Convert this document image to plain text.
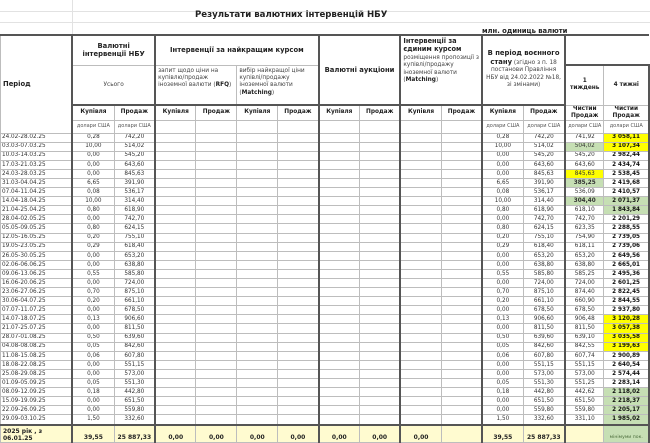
Результати валютних інтервенцій НБУ
млн. одиниць валюти
Період	Валютні інтервенції НБУ		Інтервенції за найкращим курсом				Валютні аукціони		Інтервенції за єдиним курсом
розміщення пропозиції з купівлі/продажу іноземної валюти
(Matching)		В період воєнного стану (згідно з п. 18 постанови Правління НБУ від 24.02.2022 №18, зі змінами)			
	Усього		запит щодо ціни на купівлю/продаж іноземної валюти (RFQ)		вибір найкращої ціни купівлі/продажу іноземної валюти (Matching)								1 тиждень	4 тижні
	Купівля	Продаж	Купівля	Продаж	Купівля	Продаж	Купівля	Продаж	Купівля	Продаж	Купівля	Продаж	Чистий Продаж	Чистий Продаж
	долари США	долари США									долари США	долари США	долари США	долари США
24.02-28.02.25	0,28	742,20									0,28	742,20	741,92	3 058,11
03.03-07.03.25	10,00	514,02									10,00	514,02	504,02	3 107,34
10.03-14.03.25	0,00	545,20									0,00	545,20	545,20	2 982,44
17.03-21.03.25	0,00	643,60									0,00	643,60	643,60	2 434,74
24.03-28.03.25	0,00	845,63									0,00	845,63	845,63	2 538,45
31.03-04.04.25	6,65	391,90									6,65	391,90	385,25	2 419,68
07.04-11.04.25	0,08	536,17									0,08	536,17	536,09	2 410,57
14.04-18.04.25	10,00	314,40									10,00	314,40	304,40	2 071,37
21.04-25.04.25	0,80	618,90									0,80	618,90	618,10	1 843,84
28.04-02.05.25	0,00	742,70									0,00	742,70	742,70	2 201,29
05.05-09.05.25	0,80	624,15									0,80	624,15	623,35	2 288,55
12.05-16.05.25	0,20	755,10									0,20	755,10	754,90	2 739,05
19.05-23.05.25	0,29	618,40									0,29	618,40	618,11	2 739,06
26.05-30.05.25	0,00	653,20									0,00	653,20	653,20	2 649,56
02.06-06.06.25	0,00	638,80									0,00	638,80	638,80	2 665,01
09.06-13.06.25	0,55	585,80									0,55	585,80	585,25	2 495,36
16.06-20.06.25	0,00	724,00									0,00	724,00	724,00	2 601,25
23.06-27.06.25	0,70	875,10									0,70	875,10	874,40	2 822,45
30.06-04.07.25	0,20	661,10									0,20	661,10	660,90	2 844,55
07.07-11.07.25	0,00	678,50									0,00	678,50	678,50	2 937,80
14.07-18.07.25	0,13	906,60									0,13	906,60	906,48	3 120,28
21.07-25.07.25	0,00	811,50									0,00	811,50	811,50	3 057,38
28.07-01.08.25	0,50	639,60									0,50	639,60	639,10	3 035,58
04.08-08.08.25	0,05	842,60									0,05	842,60	842,55	3 199,63
11.08-15.08.25	0,06	607,80									0,06	607,80	607,74	2 900,89
18.08-22.08.25	0,00	551,15									0,00	551,15	551,15	2 640,54
25.08-29.08.25	0,00	573,00									0,00	573,00	573,00	2 574,44
01.09-05.09.25	0,05	551,30									0,05	551,30	551,25	2 283,14
08.09-12.09.25	0,18	442,80									0,18	442,80	442,62	2 118,02
15.09-19.09.25	0,00	651,50									0,00	651,50	651,50	2 218,37
22.09-26.09.25	0,00	559,80									0,00	559,80	559,80	2 205,17
29.09-03.10.25	1,50	332,60									1,50	332,60	331,10	1 985,02
2025 рік , з 06.01.25	39,55	25 887,33	0,00	0,00	0,00	0,00	0,00	0,00	0,00		39,55	25 887,33		мінімуми пок.
